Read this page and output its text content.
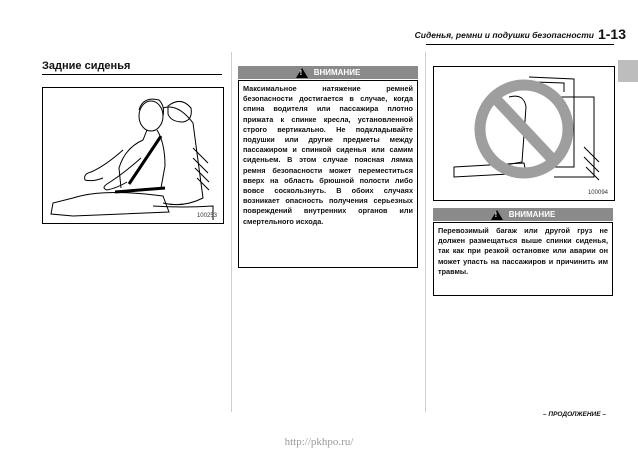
Сиденья, ремни и подушки безопасности 1-13
Задние сиденья
100253
! ВНИМАНИЕ
Максимальное натяжение ремней безопасности достигается в случае, когда спина водителя или пассажира плотно прижата к спинке кресла, установленной строго вертикально. Не подкладывайте подушки или другие предметы между пассажиром и спинкой сиденья или самим сиденьем. В этом случае поясная лямка ремня безопасности может переместиться вверх на область брюшной полости либо вовсе соскользнуть. В обоих случаях возникает опасность получения серьезных повреждений внутренних органов или смертельного исхода.
100094
! ВНИМАНИЕ
Перевозимый багаж или другой груз не должен размещаться выше спинки сиденья, так как при резкой остановке или аварии он может упасть на пассажиров и причинить им травмы.
– ПРОДОЛЖЕНИЕ –
http://pkhpo.ru/
